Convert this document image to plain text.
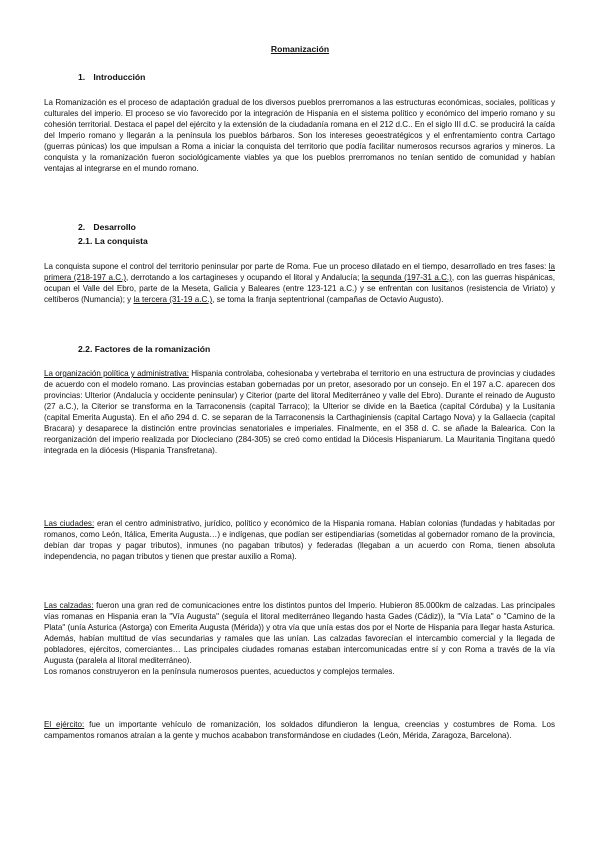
Romanización
1. Introducción

La Romanización es el proceso de adaptación gradual de los diversos pueblos prerromanos a las estructuras económicas, sociales, políticas y culturales del imperio. El proceso se vio favorecido por la integración de Hispania en el sistema político y económico del imperio romano y su cohesión territorial. Destaca el papel del ejército y la extensión de la ciudadanía romana en el 212 d.C.. En el siglo III d.C. se producirá la caída del Imperio romano y llegarán a la península los pueblos bárbaros. Son los intereses geoestratégicos y el enfrentamiento contra Cartago (guerras púnicas) los que impulsan a Roma a iniciar la conquista del territorio que podía facilitar numerosos recursos agrarios y mineros. La conquista y la romanización fueron sociológicamente viables ya que los pueblos prerromanos no tenían sentido de comunidad y habían ventajas al integrarse en el mundo romano.

2. Desarrollo
2.1. La conquista

La conquista supone el control del territorio peninsular por parte de Roma. Fue un proceso dilatado en el tiempo, desarrollado en tres fases: la primera (218-197 a.C.), derrotando a los cartagineses y ocupando el litoral y Andalucía; la segunda (197-31 a.C.), con las guerras hispánicas, ocupan el Valle del Ebro, parte de la Meseta, Galicia y Baleares (entre 123-121 a.C.) y se enfrentan con lusitanos (resistencia de Viriato) y celtíberos (Numancia); y la tercera (31-19 a.C.), se toma la franja septentrional (campañas de Octavio Augusto).

2.2. Factores de la romanización

La organización política y administrativa: Hispania controlaba, cohesionaba y vertebraba el territorio en una estructura de provincias y ciudades de acuerdo con el modelo romano. Las provincias estaban gobernadas por un pretor, asesorado por un consejo. En el 197 a.C. aparecen dos provincias: Ulterior (Andalucía y occidente peninsular) y Citerior (parte del litoral Mediterráneo y valle del Ebro). Durante el reinado de Augusto (27 a.C.), la Citerior se transforma en la Tarraconensis (capital Tarraco); la Ulterior se divide en la Baetica (capital Córduba) y la Lusitania (capital Emerita Augusta). En el año 294 d. C. se separan de la Tarraconensis la Carthaginiensis (capital Cartago Nova) y la Gallaecia (capital Bracara) y desaparece la distinción entre provincias senatoriales e imperiales. Finalmente, en el 358 d. C. se añade la Balearica. Con la reorganización del imperio realizada por Diocleciano (284-305) se creó como entidad la Diócesis Hispaniarum. La Mauritania Tingitana quedó integrada en la diócesis (Hispania Transfretana).

Las ciudades: eran el centro administrativo, jurídico, político y económico de la Hispania romana. Habían colonias (fundadas y habitadas por romanos, como León, Itálica, Emerita Augusta…) e indígenas, que podían ser estipendiarias (sometidas al gobernador romano de la provincia, debían dar tropas y pagar tributos), inmunes (no pagaban tributos) y federadas (llegaban a un acuerdo con Roma, tienen absoluta independencia, no pagan tributos y tienen que prestar auxilio a Roma).

Las calzadas: fueron una gran red de comunicaciones entre los distintos puntos del Imperio. Hubieron 85.000km de calzadas. Las principales vías romanas en Hispania eran la "Vía Augusta" (seguía el litoral mediterráneo llegando hasta Gades (Cádiz)), la "Vía Lata" o "Camino de la Plata" (unía Asturica (Astorga) con Emerita Augusta (Mérida)) y otra vía que unía estas dos por el Norte de Hispania para llegar hasta Asturica. Además, habían multitud de vías secundarias y ramales que las unían. Las calzadas favorecían el intercambio comercial y la llegada de pobladores, ejércitos, comerciantes… Las principales ciudades romanas estaban intercomunicadas entre sí y con Roma a través de la vía Augusta (paralela al litoral mediterráneo).

Los romanos construyeron en la península numerosos puentes, acueductos y complejos termales.

El ejército: fue un importante vehículo de romanización, los soldados difundieron la lengua, creencias y costumbres de Roma. Los campamentos romanos atraían a la gente y muchos acababon transformándose en ciudades (León, Mérida, Zaragoza, Barcelona).
